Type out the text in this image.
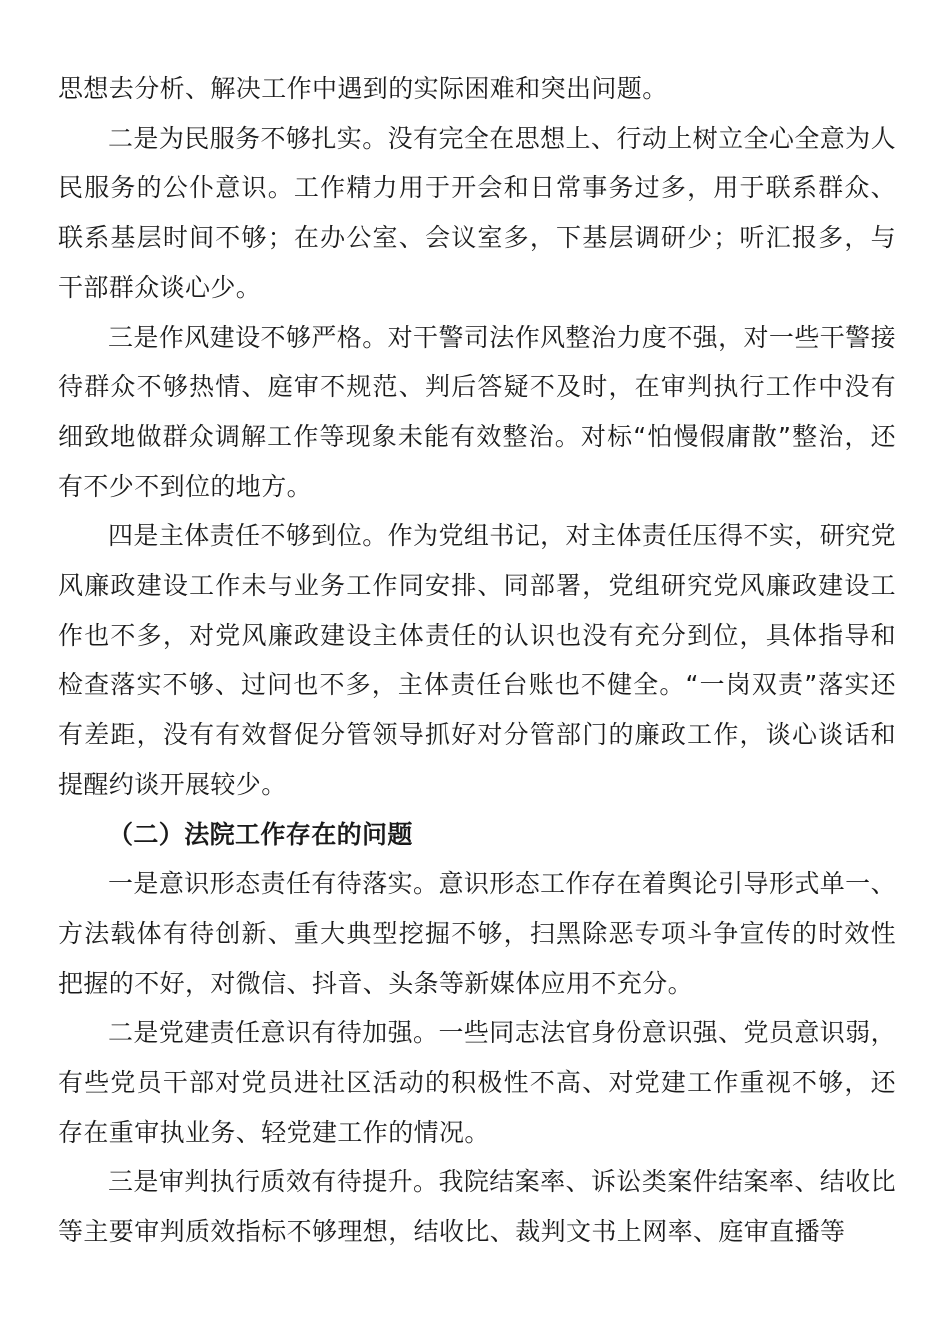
思想去分析、解决工作中遇到的实际困难和突出问题。

二是为民服务不够扎实。没有完全在思想上、行动上树立全心全意为人民服务的公仆意识。工作精力用于开会和日常事务过多，用于联系群众、联系基层时间不够；在办公室、会议室多，下基层调研少；听汇报多，与干部群众谈心少。

三是作风建设不够严格。对干警司法作风整治力度不强，对一些干警接待群众不够热情、庭审不规范、判后答疑不及时，在审判执行工作中没有细致地做群众调解工作等现象未能有效整治。对标“怕慢假庸散”整治，还有不少不到位的地方。

四是主体责任不够到位。作为党组书记，对主体责任压得不实，研究党风廉政建设工作未与业务工作同安排、同部署，党组研究党风廉政建设工作也不多，对党风廉政建设主体责任的认识也没有充分到位，具体指导和检查落实不够、过问也不多，主体责任台账也不健全。“一岗双责”落实还有差距，没有有效督促分管领导抓好对分管部门的廉政工作，谈心谈话和提醒约谈开展较少。

（二）法院工作存在的问题

一是意识形态责任有待落实。意识形态工作存在着舆论引导形式单一、方法载体有待创新、重大典型挖掘不够，扫黑除恶专项斗争宣传的时效性把握的不好，对微信、抖音、头条等新媒体应用不充分。

二是党建责任意识有待加强。一些同志法官身份意识强、党员意识弱，有些党员干部对党员进社区活动的积极性不高、对党建工作重视不够，还存在重审执业务、轻党建工作的情况。

三是审判执行质效有待提升。我院结案率、诉讼类案件结案率、结收比等主要审判质效指标不够理想，结收比、裁判文书上网率、庭审直播等
